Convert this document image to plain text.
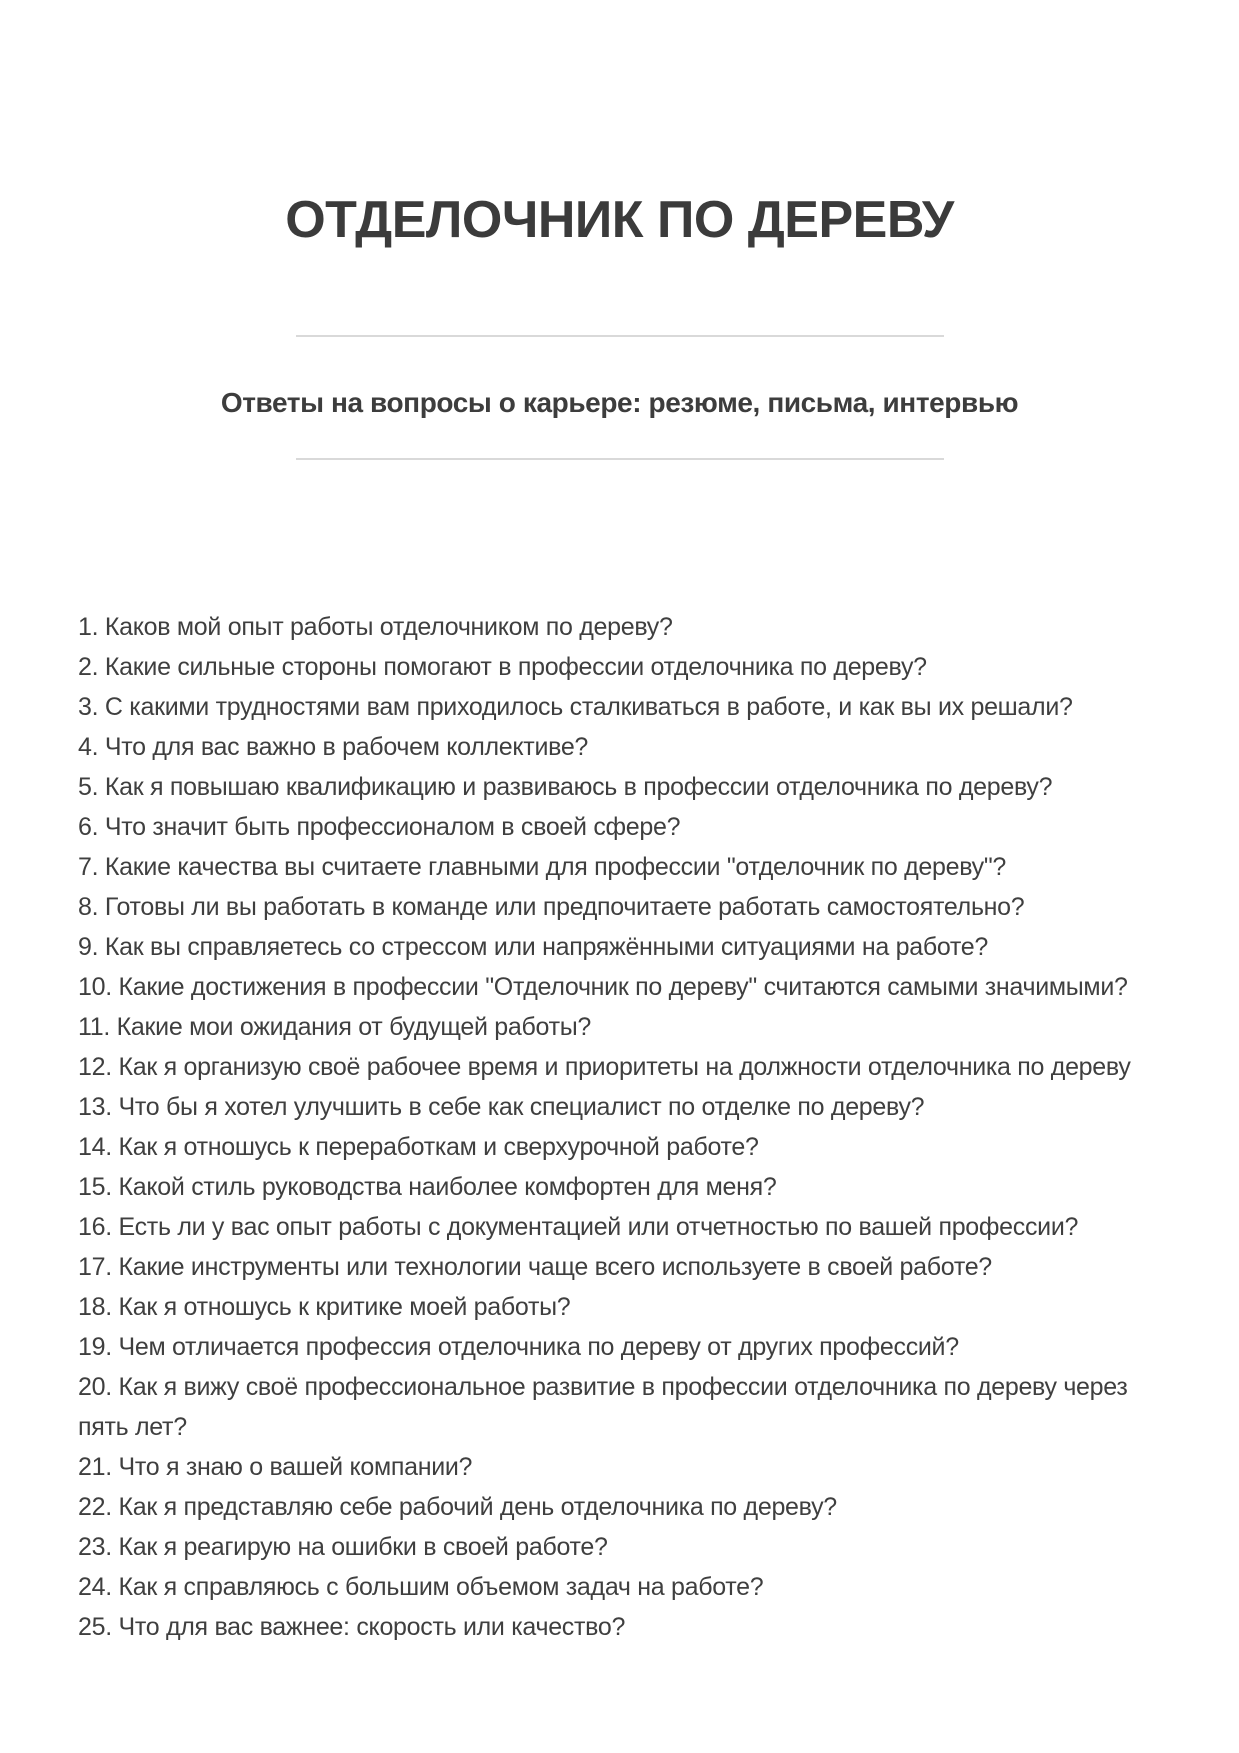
ОТДЕЛОЧНИК ПО ДЕРЕВУ
Ответы на вопросы о карьере: резюме, письма, интервью
1. Каков мой опыт работы отделочником по дереву?
2. Какие сильные стороны помогают в профессии отделочника по дереву?
3. С какими трудностями вам приходилось сталкиваться в работе, и как вы их решали?
4. Что для вас важно в рабочем коллективе?
5. Как я повышаю квалификацию и развиваюсь в профессии отделочника по дереву?
6. Что значит быть профессионалом в своей сфере?
7. Какие качества вы считаете главными для профессии "отделочник по дереву"?
8. Готовы ли вы работать в команде или предпочитаете работать самостоятельно?
9. Как вы справляетесь со стрессом или напряжёнными ситуациями на работе?
10. Какие достижения в профессии "Отделочник по дереву" считаются самыми значимыми?
11. Какие мои ожидания от будущей работы?
12. Как я организую своё рабочее время и приоритеты на должности отделочника по дереву
13. Что бы я хотел улучшить в себе как специалист по отделке по дереву?
14. Как я отношусь к переработкам и сверхурочной работе?
15. Какой стиль руководства наиболее комфортен для меня?
16. Есть ли у вас опыт работы с документацией или отчетностью по вашей профессии?
17. Какие инструменты или технологии чаще всего используете в своей работе?
18. Как я отношусь к критике моей работы?
19. Чем отличается профессия отделочника по дереву от других профессий?
20. Как я вижу своё профессиональное развитие в профессии отделочника по дереву через пять лет?
21. Что я знаю о вашей компании?
22. Как я представляю себе рабочий день отделочника по дереву?
23. Как я реагирую на ошибки в своей работе?
24. Как я справляюсь с большим объемом задач на работе?
25. Что для вас важнее: скорость или качество?
